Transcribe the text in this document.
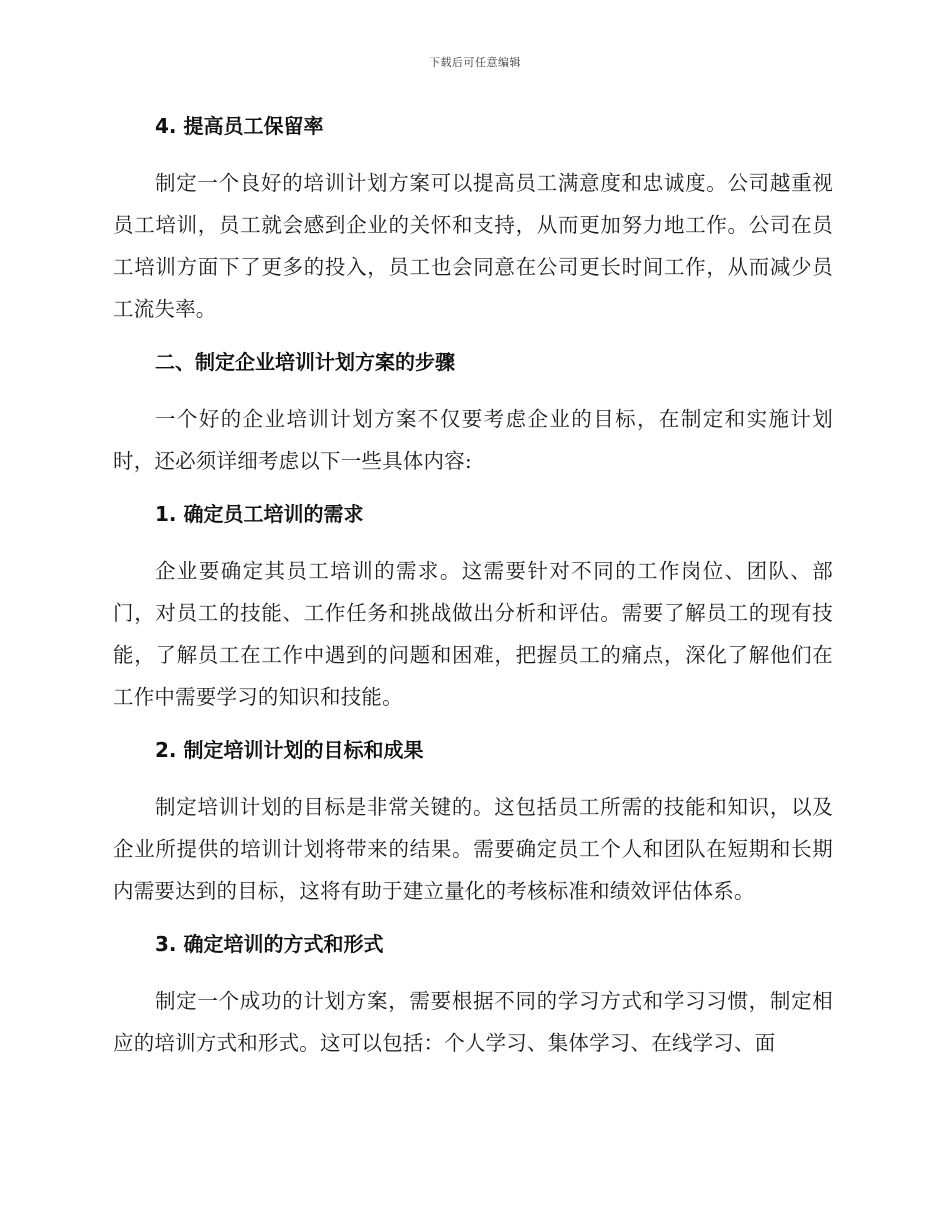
下载后可任意编辑
4. 提高员工保留率

制定一个良好的培训计划方案可以提高员工满意度和忠诚度。公司越重视员工培训，员工就会感到企业的关怀和支持，从而更加努力地工作。公司在员工培训方面下了更多的投入，员工也会同意在公司更长时间工作，从而减少员工流失率。

二、制定企业培训计划方案的步骤

一个好的企业培训计划方案不仅要考虑企业的目标，在制定和实施计划时，还必须详细考虑以下一些具体内容:

1. 确定员工培训的需求

企业要确定其员工培训的需求。这需要针对不同的工作岗位、团队、部门，对员工的技能、工作任务和挑战做出分析和评估。需要了解员工的现有技能，了解员工在工作中遇到的问题和困难，把握员工的痛点，深化了解他们在工作中需要学习的知识和技能。

2. 制定培训计划的目标和成果

制定培训计划的目标是非常关键的。这包括员工所需的技能和知识，以及企业所提供的培训计划将带来的结果。需要确定员工个人和团队在短期和长期内需要达到的目标，这将有助于建立量化的考核标准和绩效评估体系。

3. 确定培训的方式和形式

制定一个成功的计划方案，需要根据不同的学习方式和学习习惯，制定相应的培训方式和形式。这可以包括：个人学习、集体学习、在线学习、面
